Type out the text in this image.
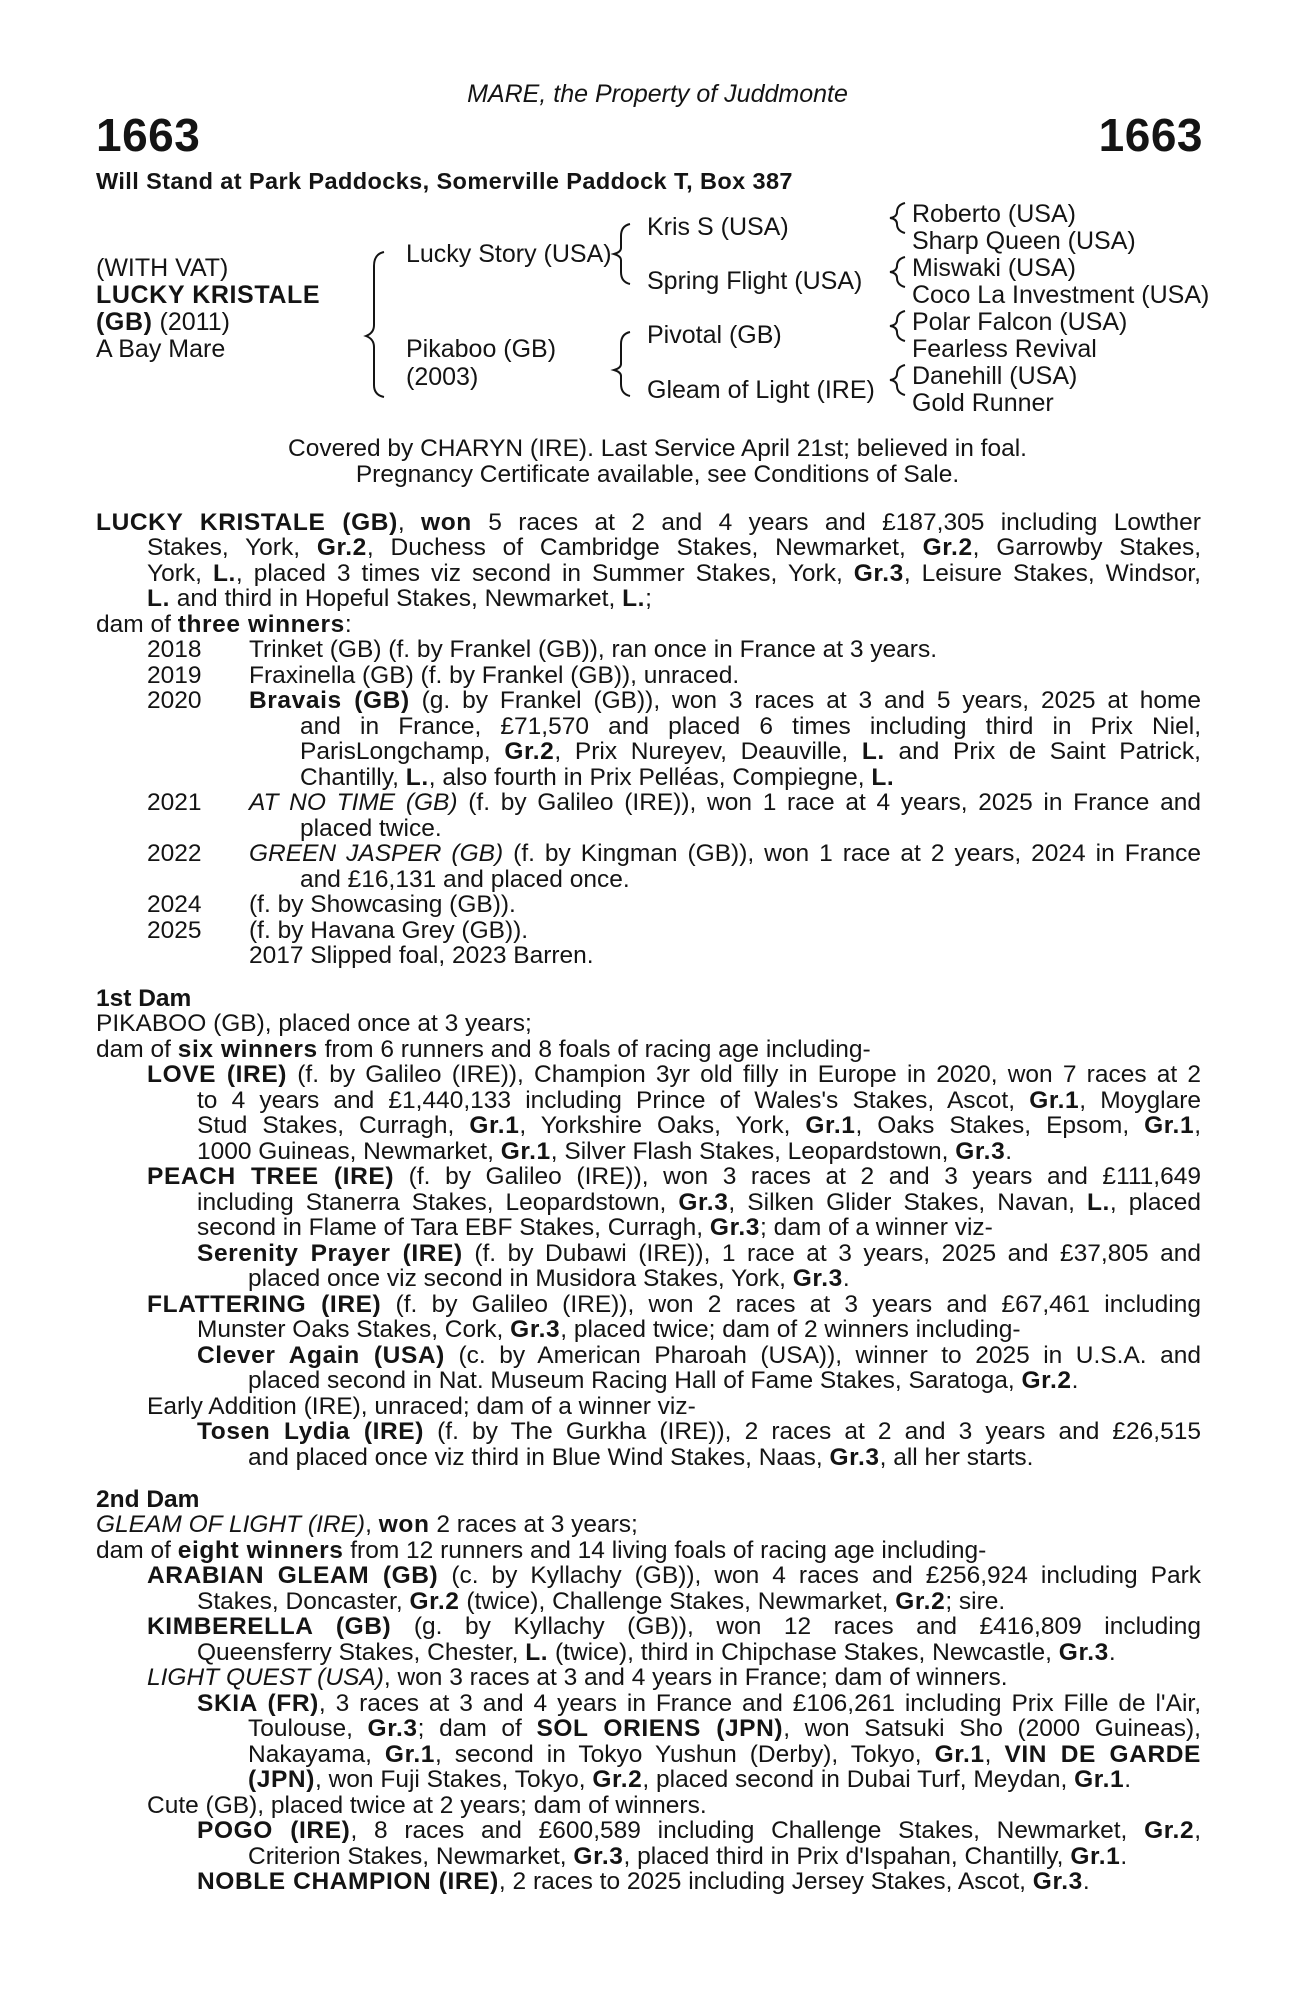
MARE, the Property of Juddmonte
1663	1663
Will Stand at Park Paddocks, Somerville Paddock T, Box 387
(WITH VAT)
LUCKY KRISTALE
(GB) (2011)
A Bay Mare
Lucky Story (USA)
Pikaboo (GB)
(2003)
Kris S (USA)
Spring Flight (USA)
Pivotal (GB)
Gleam of Light (IRE)
Roberto (USA)
Sharp Queen (USA)
Miswaki (USA)
Coco La Investment (USA)
Polar Falcon (USA)
Fearless Revival
Danehill (USA)
Gold Runner
Covered by CHARYN (IRE). Last Service April 21st; believed in foal.
Pregnancy Certificate available, see Conditions of Sale.
LUCKY KRISTALE (GB), won 5 races at 2 and 4 years and £187,305 including Lowther
Stakes, York, Gr.2, Duchess of Cambridge Stakes, Newmarket, Gr.2, Garrowby Stakes,
York, L., placed 3 times viz second in Summer Stakes, York, Gr.3, Leisure Stakes, Windsor,
L. and third in Hopeful Stakes, Newmarket, L.;
dam of three winners:
2018 Trinket (GB) (f. by Frankel (GB)), ran once in France at 3 years.
2019 Fraxinella (GB) (f. by Frankel (GB)), unraced.
2020 Bravais (GB) (g. by Frankel (GB)), won 3 races at 3 and 5 years, 2025 at home
and in France, £71,570 and placed 6 times including third in Prix Niel,
ParisLongchamp, Gr.2, Prix Nureyev, Deauville, L. and Prix de Saint Patrick,
Chantilly, L., also fourth in Prix Pelléas, Compiegne, L.
2021 AT NO TIME (GB) (f. by Galileo (IRE)), won 1 race at 4 years, 2025 in France and
placed twice.
2022 GREEN JASPER (GB) (f. by Kingman (GB)), won 1 race at 2 years, 2024 in France
and £16,131 and placed once.
2024 (f. by Showcasing (GB)).
2025 (f. by Havana Grey (GB)).
2017 Slipped foal, 2023 Barren.
1st Dam
PIKABOO (GB), placed once at 3 years;
dam of six winners from 6 runners and 8 foals of racing age including-
LOVE (IRE) (f. by Galileo (IRE)), Champion 3yr old filly in Europe in 2020, won 7 races at 2
to 4 years and £1,440,133 including Prince of Wales's Stakes, Ascot, Gr.1, Moyglare
Stud Stakes, Curragh, Gr.1, Yorkshire Oaks, York, Gr.1, Oaks Stakes, Epsom, Gr.1,
1000 Guineas, Newmarket, Gr.1, Silver Flash Stakes, Leopardstown, Gr.3.
PEACH TREE (IRE) (f. by Galileo (IRE)), won 3 races at 2 and 3 years and £111,649
including Stanerra Stakes, Leopardstown, Gr.3, Silken Glider Stakes, Navan, L., placed
second in Flame of Tara EBF Stakes, Curragh, Gr.3; dam of a winner viz-
Serenity Prayer (IRE) (f. by Dubawi (IRE)), 1 race at 3 years, 2025 and £37,805 and
placed once viz second in Musidora Stakes, York, Gr.3.
FLATTERING (IRE) (f. by Galileo (IRE)), won 2 races at 3 years and £67,461 including
Munster Oaks Stakes, Cork, Gr.3, placed twice; dam of 2 winners including-
Clever Again (USA) (c. by American Pharoah (USA)), winner to 2025 in U.S.A. and
placed second in Nat. Museum Racing Hall of Fame Stakes, Saratoga, Gr.2.
Early Addition (IRE), unraced; dam of a winner viz-
Tosen Lydia (IRE) (f. by The Gurkha (IRE)), 2 races at 2 and 3 years and £26,515
and placed once viz third in Blue Wind Stakes, Naas, Gr.3, all her starts.
2nd Dam
GLEAM OF LIGHT (IRE), won 2 races at 3 years;
dam of eight winners from 12 runners and 14 living foals of racing age including-
ARABIAN GLEAM (GB) (c. by Kyllachy (GB)), won 4 races and £256,924 including Park
Stakes, Doncaster, Gr.2 (twice), Challenge Stakes, Newmarket, Gr.2; sire.
KIMBERELLA (GB) (g. by Kyllachy (GB)), won 12 races and £416,809 including
Queensferry Stakes, Chester, L. (twice), third in Chipchase Stakes, Newcastle, Gr.3.
LIGHT QUEST (USA), won 3 races at 3 and 4 years in France; dam of winners.
SKIA (FR), 3 races at 3 and 4 years in France and £106,261 including Prix Fille de l'Air,
Toulouse, Gr.3; dam of SOL ORIENS (JPN), won Satsuki Sho (2000 Guineas),
Nakayama, Gr.1, second in Tokyo Yushun (Derby), Tokyo, Gr.1, VIN DE GARDE
(JPN), won Fuji Stakes, Tokyo, Gr.2, placed second in Dubai Turf, Meydan, Gr.1.
Cute (GB), placed twice at 2 years; dam of winners.
POGO (IRE), 8 races and £600,589 including Challenge Stakes, Newmarket, Gr.2,
Criterion Stakes, Newmarket, Gr.3, placed third in Prix d'Ispahan, Chantilly, Gr.1.
NOBLE CHAMPION (IRE), 2 races to 2025 including Jersey Stakes, Ascot, Gr.3.
